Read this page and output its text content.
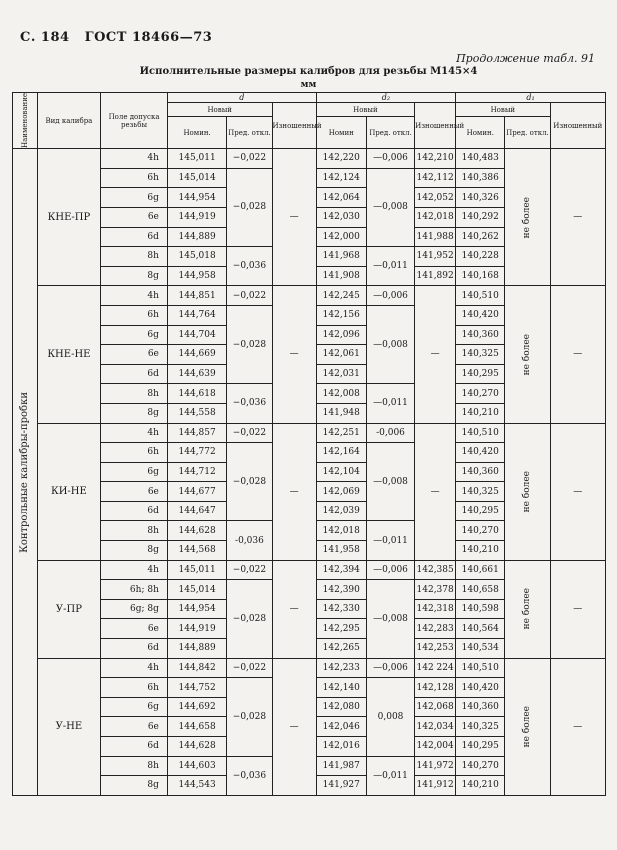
С. 184 ГОСТ 18466—73
Продолжение табл. 91
Исполнительные размеры калибров для резьбы М145×4
мм
Наименование	Вид калибра	Поле допуска резьбы	d			d₂			d₁		
			Новый		Изношенный	Новый		Изношенный	Новый		Изношенный
			Номин.	Пред. откл.		Номин	Пред. откл.		Номин.	Пред. откл.	

Контрольные калибры-пробки	КНЕ-ПР	4h	145,011	−0,022	—	142,220	—0,006	142,210	140,483	не более	—
		6h	145,014	−0,028		142,124	—0,008	142,112	140,386		
		6g	144,954			142,064		142,052	140,326		
		6e	144,919			142,030		142,018	140,292		
		6d	144,889			142,000		141,988	140,262		
		8h	145,018	−0,036		141,968	—0,011	141,952	140,228		
		8g	144,958			141,908		141,892	140,168		
	КНЕ-НЕ	4h	144,851	−0,022	—	142,245	—0,006	—	140,510	не более	—
		6h	144,764	−0,028		142,156	—0,008		140,420		
		6g	144,704			142,096			140,360		
		6e	144,669			142,061			140,325		
		6d	144,639			142,031			140,295		
		8h	144,618	−0,036		142,008	—0,011		140,270		
		8g	144,558			141,948			140,210		
	КИ-НЕ	4h	144,857	−0,022	—	142,251	-0,006	—	140,510	не более	—
		6h	144,772	−0,028		142,164	—0,008		140,420		
		6g	144,712			142,104			140,360		
		6e	144,677			142,069			140,325		
		6d	144,647			142,039			140,295		
		8h	144,628	-0,036		142,018	—0,011		140,270		
		8g	144,568			141,958			140,210		
	У-ПР	4h	145,011	−0,022	—	142,394	—0,006	142,385	140,661	не более	—
		6h; 8h	145,014	−0,028		142,390	—0,008	142,378	140,658		
		6g; 8g	144,954			142,330		142,318	140,598		
		6e	144,919			142,295		142,283	140,564		
		6d	144,889			142,265		142,253	140,534		
	У-НЕ	4h	144,842	−0,022	—	142,233	—0,006	142 224	140,510	не более	—
		6h	144,752	−0,028		142,140	0,008	142,128	140,420		
		6g	144,692			142,080		142,068	140,360		
		6e	144,658			142,046		142,034	140,325		
		6d	144,628			142,016		142,004	140,295		
		8h	144,603	−0,036		141,987	—0,011	141,972	140,270		
		8g	144,543			141,927		141,912	140,210		
